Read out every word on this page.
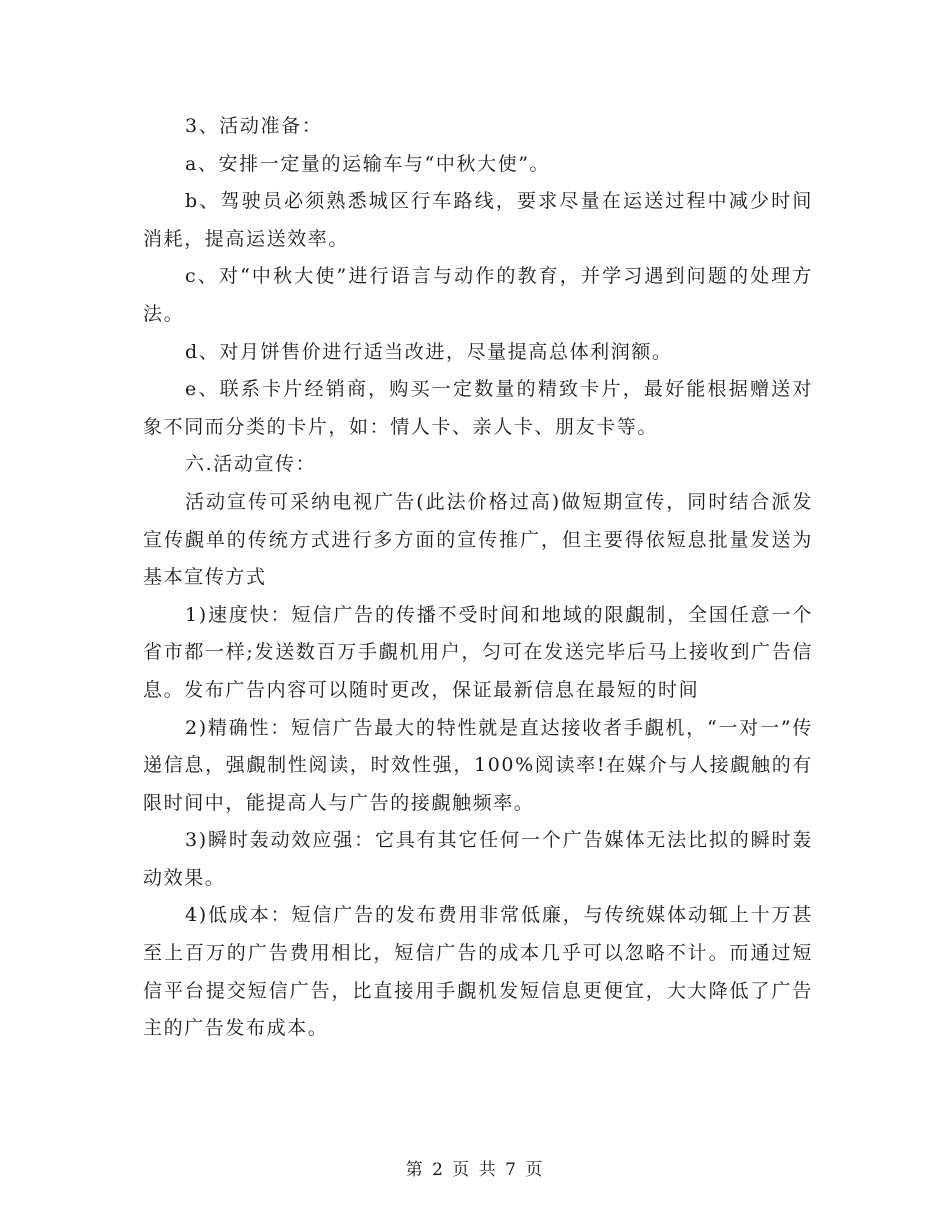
3、活动准备：

a、安排一定量的运输车与“中秋大使”。

b、驾驶员必须熟悉城区行车路线，要求尽量在运送过程中减少时间消耗，提高运送效率。

c、对“中秋大使”进行语言与动作的教育，并学习遇到问题的处理方法。

d、对月饼售价进行适当改进，尽量提高总体利润额。

e、联系卡片经销商，购买一定数量的精致卡片，最好能根据赠送对象不同而分类的卡片，如：情人卡、亲人卡、朋友卡等。

六.活动宣传：

活动宣传可采纳电视广告(此法价格过高)做短期宣传，同时结合派发宣传覰单的传统方式进行多方面的宣传推广，但主要得依短息批量发送为基本宣传方式

1)速度快：短信广告的传播不受时间和地域的限覰制，全国任意一个省市都一样;发送数百万手覰机用户，匀可在发送完毕后马上接收到广告信息。发布广告内容可以随时更改，保证最新信息在最短的时间

2)精确性：短信广告最大的特性就是直达接收者手覰机，“一对一”传递信息，强覰制性阅读，时效性强，100%阅读率!在媒介与人接覰触的有限时间中，能提高人与广告的接覰触频率。

3)瞬时轰动效应强：它具有其它任何一个广告媒体无法比拟的瞬时轰动效果。

4)低成本：短信广告的发布费用非常低廉，与传统媒体动辄上十万甚至上百万的广告费用相比，短信广告的成本几乎可以忽略不计。而通过短信平台提交短信广告，比直接用手覰机发短信息更便宜，大大降低了广告主的广告发布成本。

第 2 页 共 7 页
